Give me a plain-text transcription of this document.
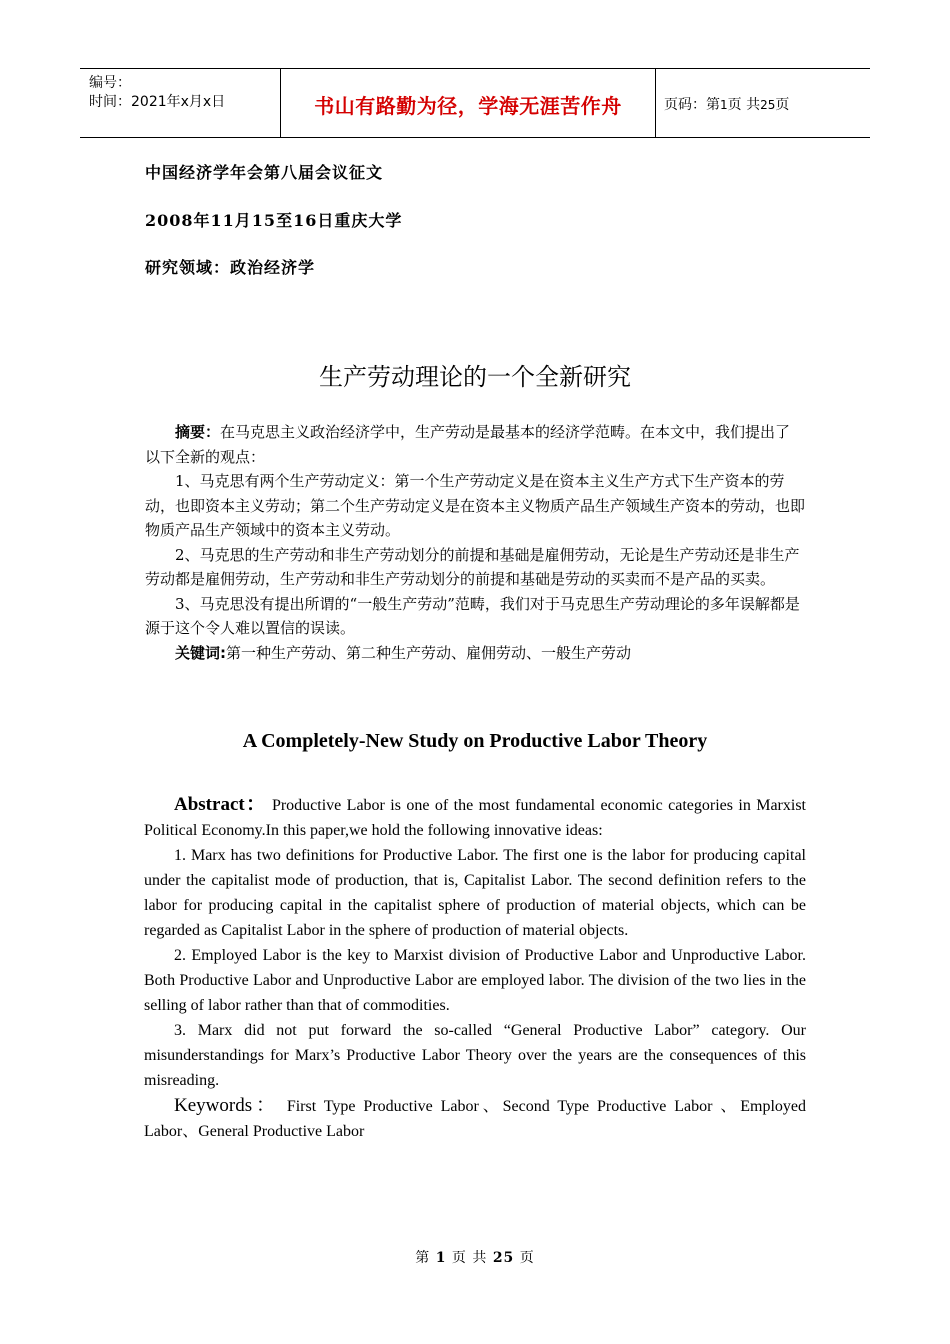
编号：
时间：2021年x月x日	书山有路勤为径，学海无涯苦作舟	页码：第1页 共25页
中国经济学年会第八届会议征文
2008年11月15至16日重庆大学
研究领域：政治经济学
生产劳动理论的一个全新研究

摘要：在马克思主义政治经济学中，生产劳动是最基本的经济学范畴。在本文中，我们提出了以下全新的观点：

1、马克思有两个生产劳动定义：第一个生产劳动定义是在资本主义生产方式下生产资本的劳动，也即资本主义劳动；第二个生产劳动定义是在资本主义物质产品生产领域生产资本的劳动，也即物质产品生产领域中的资本主义劳动。

2、马克思的生产劳动和非生产劳动划分的前提和基础是雇佣劳动，无论是生产劳动还是非生产劳动都是雇佣劳动，生产劳动和非生产劳动划分的前提和基础是劳动的买卖而不是产品的买卖。

3、马克思没有提出所谓的“一般生产劳动”范畴，我们对于马克思生产劳动理论的多年误解都是源于这个令人难以置信的误读。

关键词:第一种生产劳动、第二种生产劳动、雇佣劳动、一般生产劳动

A Completely-New Study on Productive Labor Theory

Abstract： Productive Labor is one of the most fundamental economic categories in Marxist Political Economy.In this paper,we hold the following innovative ideas:

1. Marx has two definitions for Productive Labor. The first one is the labor for producing capital under the capitalist mode of production, that is, Capitalist Labor. The second definition refers to the labor for producing capital in the capitalist sphere of production of material objects, which can be regarded as Capitalist Labor in the sphere of production of material objects.

2. Employed Labor is the key to Marxist division of Productive Labor and Unproductive Labor. Both Productive Labor and Unproductive Labor are employed labor. The division of the two lies in the selling of labor rather than that of commodities.

3. Marx did not put forward the so-called “General Productive Labor” category. Our misunderstandings for Marx’s Productive Labor Theory over the years are the consequences of this misreading.

Keywords： First Type Productive Labor、Second Type Productive Labor 、Employed Labor、General Productive Labor

第 1 页 共 25 页
